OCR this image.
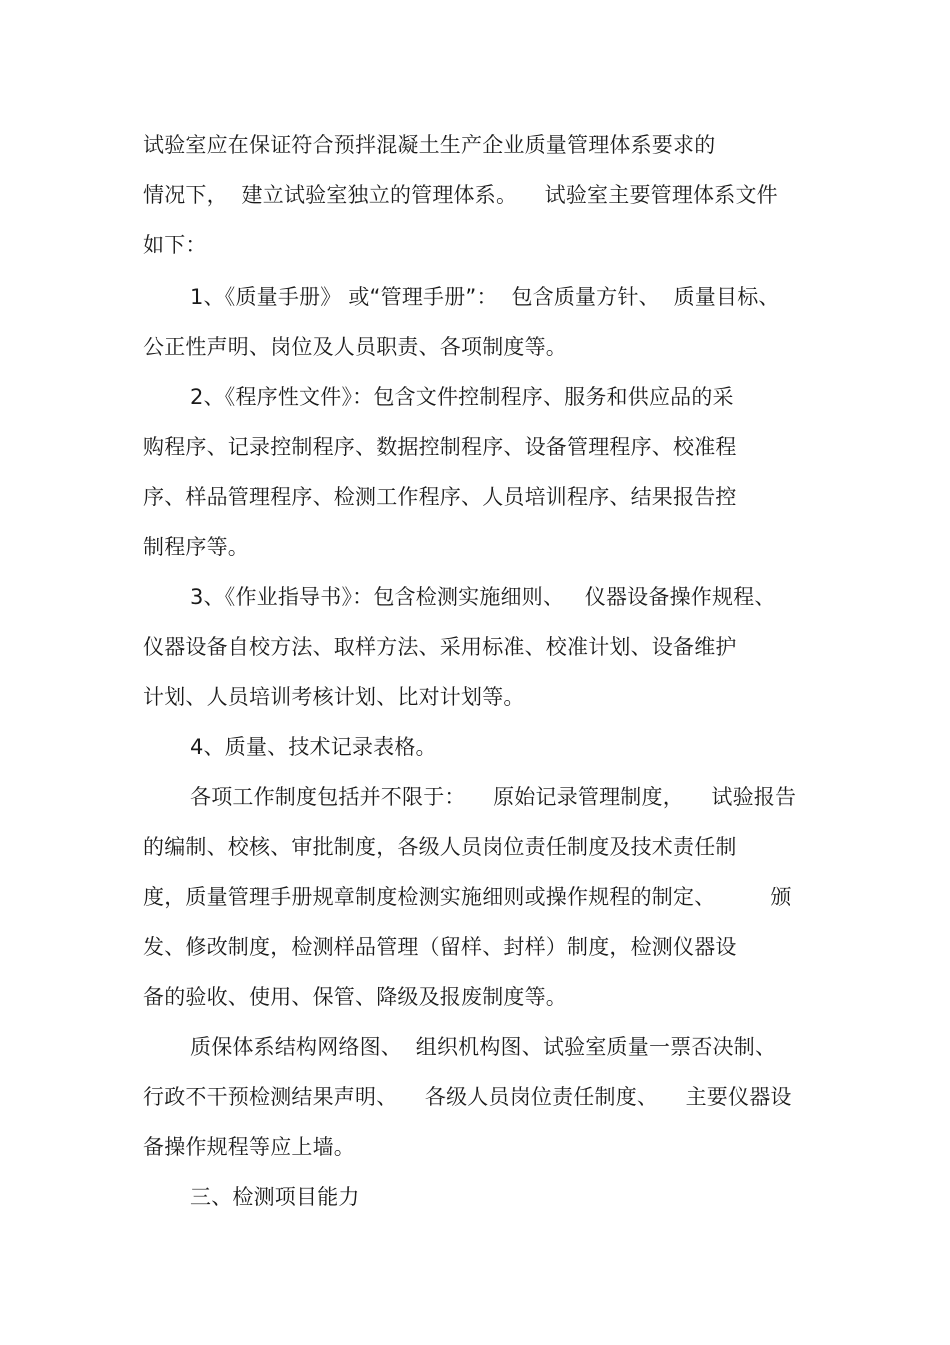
试验室应在保证符合预拌混凝土生产企业质量管理体系要求的
情况下，  建立试验室独立的管理体系。    试验室主要管理体系文件
如下：
1、《质量手册》 或“管理手册”：  包含质量方针、  质量目标、
公正性声明、岗位及人员职责、各项制度等。
2、《程序性文件》：包含文件控制程序、服务和供应品的采
购程序、记录控制程序、数据控制程序、设备管理程序、校准程
序、样品管理程序、检测工作程序、人员培训程序、结果报告控
制程序等。
3、《作业指导书》：包含检测实施细则、   仪器设备操作规程、
仪器设备自校方法、取样方法、采用标准、校准计划、设备维护
计划、人员培训考核计划、比对计划等。
4、质量、技术记录表格。
各项工作制度包括并不限于：    原始记录管理制度，    试验报告
的编制、校核、审批制度，各级人员岗位责任制度及技术责任制
度，质量管理手册规章制度检测实施细则或操作规程的制定、        颁
发、修改制度，检测样品管理（留样、封样）制度，检测仪器设
备的验收、使用、保管、降级及报废制度等。
质保体系结构网络图、  组织机构图、试验室质量一票否决制、
行政不干预检测结果声明、    各级人员岗位责任制度、    主要仪器设
备操作规程等应上墙。
三、检测项目能力
